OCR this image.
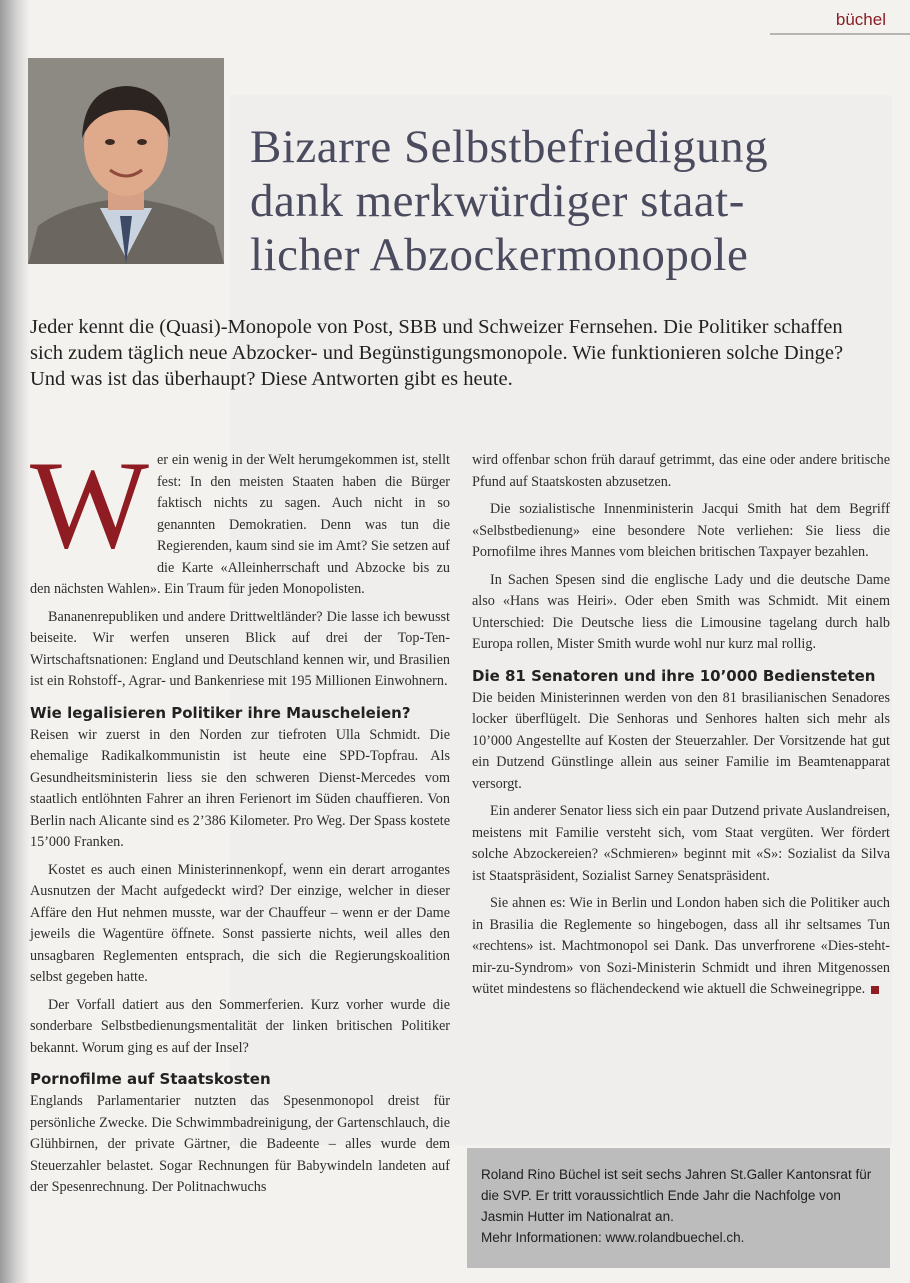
büchel
Bizarre Selbstbefriedigung
dank merkwürdiger staat-
licher Abzockermonopole

Jeder kennt die (Quasi)-Monopole von Post, SBB und Schweizer Fernsehen. Die Politiker schaffen sich zudem täglich neue Abzocker- und Begünstigungsmonopole. Wie funktionieren solche Dinge? Und was ist das überhaupt? Diese Antworten gibt es heute.

W er ein wenig in der Welt herumgekommen ist, stellt fest: In den meisten Staaten haben die Bürger faktisch nichts zu sagen. Auch nicht in so genannten Demokratien. Denn was tun die Regierenden, kaum sind sie im Amt? Sie setzen auf die Karte «Alleinherrschaft und Abzocke bis zu den nächsten Wahlen». Ein Traum für jeden Monopolisten.

Bananenrepubliken und andere Drittweltländer? Die lasse ich bewusst beiseite. Wir werfen unseren Blick auf drei der Top-Ten-Wirtschaftsnationen: England und Deutschland kennen wir, und Brasilien ist ein Rohstoff-, Agrar- und Bankenriese mit 195 Millionen Einwohnern.

Wie legalisieren Politiker ihre Mauscheleien?

Reisen wir zuerst in den Norden zur tiefroten Ulla Schmidt. Die ehemalige Radikalkommunistin ist heute eine SPD-Topfrau. Als Gesundheitsministerin liess sie den schweren Dienst-Mercedes vom staatlich entlöhnten Fahrer an ihren Ferienort im Süden chauffieren. Von Berlin nach Alicante sind es 2’386 Kilometer. Pro Weg. Der Spass kostete 15’000 Franken.

Kostet es auch einen Ministerinnenkopf, wenn ein derart arrogantes Ausnutzen der Macht aufgedeckt wird? Der einzige, welcher in dieser Affäre den Hut nehmen musste, war der Chauffeur – wenn er der Dame jeweils die Wagentüre öffnete. Sonst passierte nichts, weil alles den unsagbaren Reglementen entsprach, die sich die Regierungskoalition selbst gegeben hatte.

Der Vorfall datiert aus den Sommerferien. Kurz vorher wurde die sonderbare Selbstbedienungsmentalität der linken britischen Politiker bekannt. Worum ging es auf der Insel?

Pornofilme auf Staatskosten

Englands Parlamentarier nutzten das Spesenmonopol dreist für persönliche Zwecke. Die Schwimmbadreinigung, der Gartenschlauch, die Glühbirnen, der private Gärtner, die Badeente – alles wurde dem Steuerzahler belastet. Sogar Rechnungen für Babywindeln landeten auf der Spesenrechnung. Der Politnachwuchs

wird offenbar schon früh darauf getrimmt, das eine oder andere britische Pfund auf Staatskosten abzusetzen.

Die sozialistische Innenministerin Jacqui Smith hat dem Begriff «Selbstbedienung» eine besondere Note verliehen: Sie liess die Pornofilme ihres Mannes vom bleichen britischen Taxpayer bezahlen.

In Sachen Spesen sind die englische Lady und die deutsche Dame also «Hans was Heiri». Oder eben Smith was Schmidt. Mit einem Unterschied: Die Deutsche liess die Limousine tagelang durch halb Europa rollen, Mister Smith wurde wohl nur kurz mal rollig.

Die 81 Senatoren und ihre 10’000 Bediensteten

Die beiden Ministerinnen werden von den 81 brasilianischen Senadores locker überflügelt. Die Senhoras und Senhores halten sich mehr als 10’000 Angestellte auf Kosten der Steuerzahler. Der Vorsitzende hat gut ein Dutzend Günstlinge allein aus seiner Familie im Beamtenapparat versorgt.

Ein anderer Senator liess sich ein paar Dutzend private Auslandreisen, meistens mit Familie versteht sich, vom Staat vergüten. Wer fördert solche Abzockereien? «Schmieren» beginnt mit «S»: Sozialist da Silva ist Staatspräsident, Sozialist Sarney Senatspräsident.

Sie ahnen es: Wie in Berlin und London haben sich die Politiker auch in Brasilia die Reglemente so hingebogen, dass all ihr seltsames Tun «rechtens» ist. Machtmonopol sei Dank. Das unverfrorene «Dies-steht-mir-zu-Syndrom» von Sozi-Ministerin Schmidt und ihren Mitgenossen wütet mindestens so flächendeckend wie aktuell die Schweinegrippe.

Roland Rino Büchel ist seit sechs Jahren St.Galler Kantonsrat für die SVP. Er tritt voraussichtlich Ende Jahr die Nachfolge von Jasmin Hutter im Nationalrat an.

Mehr Informationen: www.rolandbuechel.ch.
